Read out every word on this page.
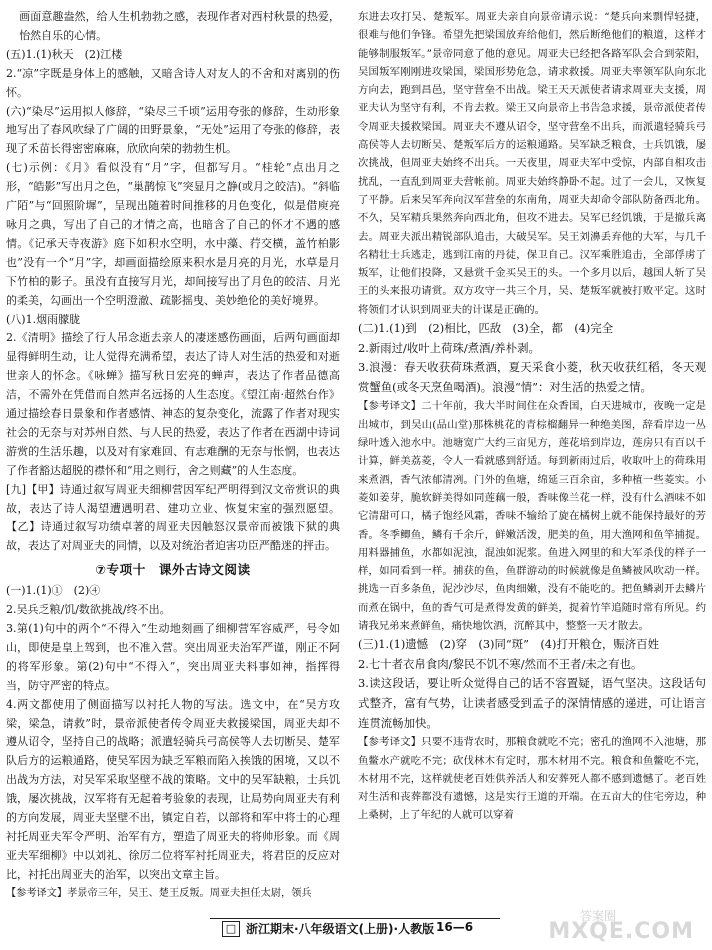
画面意趣盎然，给人生机勃勃之感，表现作者对西村秋景的热爱，怡然自乐的心情。

(五)1.(1)秋天　(2)江楼

2.“凉”字既是身体上的感触，又暗含诗人对友人的不舍和对离别的伤怀。

(六)“染尽”运用拟人修辞，“染尽三千顷”运用夸张的修辞，生动形象地写出了春风吹绿了广阔的田野景象，“无处”运用了夸张的修辞，表现了禾苗长得密密麻麻，欣欣向荣的勃勃生机。

(七)示例：《月》看似没有“月”字，但都写月。“桂轮”点出月之形，“皓影”写出月之色，“巢鹊惊飞”突显月之静(或月之皎洁)。“斜临广陌”与“回照阶墀”，呈现出随着时间推移的月色变化，似是借庾亮咏月之典，写出了自己的才情之高，也暗含了自己的怀才不遇的感情。《记承天寺夜游》庭下如积水空明，水中藻、荇交横，盖竹柏影也”没有一个“月”字，却画面描绘原来积水是月亮的月光，水草是月下竹柏的影子。虽没有直接写月光，却间接写出了月色的皎洁、月光的柔美，勾画出一个空明澄澈、疏影摇曳、美妙绝伦的美好境界。

(八)1.烟雨朦胧

2.《清明》描绘了行人吊念逝去亲人的凄迷感伤画面，后两句画面却显得鲜明生动，让人觉得充满希望，表达了诗人对生活的热爱和对逝世亲人的怀念。《咏蝉》描写秋日宏亮的蝉声，表达了作者品德高洁，不需外在凭借而自然声名远扬的人生态度。《望江南·超然台作》通过描绘春日景象和作者感情、神态的复杂变化，流露了作者对现实社会的无奈与对苏州自然、与人民的热爱，表达了作者在西湖中诗词游赏的生活乐趣，以及对有家难回、有志难酬的无奈与怅惘，也表达了作者豁达超脱的襟怀和“用之则行，舍之则藏”的人生态度。

[九]【甲】诗通过叙写周亚夫细柳营因军纪严明得到汉文帝赏识的典故，表达了诗人渴望遭遇明君、建功立业、恢复宋室的强烈愿望。【乙】诗通过叙写功绩卓著的周亚夫因触怒汉景帝而被饿下狱的典故，表达了对周亚夫的同情，以及对统治者迫害功臣严酷迷的抨击。

⑦专项十　课外古诗文阅读

(一)1.(1)①　(2)④

2.吴兵乏粮/饥/数欲挑战/终不出。

3.第(1)句中的两个“不得入”生动地刻画了细柳营军容威严，号令如山，即使是皇上驾到，也不准入营。突出周亚夫治军严谨，刚正不阿的将军形象。第(2)句中“不得入”，突出周亚夫料事如神，指挥得当，防守严密的特点。

4.两文都使用了侧面描写以衬托人物的写法。选文中，在“吴方攻梁，梁急，请救”时，景帝派使者传令周亚夫救援梁国，周亚夫却不遵从诏令，坚持自己的战略；派遣轻骑兵弓高侯等人去切断吴、楚军队后方的运粮通路，使吴军因为缺乏军粮而陷入挨饿的困境，又以不出战为方法，对吴军采取坚壁不战的策略。文中的吴军缺粮，士兵饥饿，屡次挑战，汉军将有无起着考验象的表现，让局势向周亚夫有利的方向发展，周亚夫坚壁不出，镇定自若，以部将和军中将士的心理衬托周亚夫军令严明、治军有方，塑造了周亚夫的将帅形象。而《周亚夫军细柳》中以刘礼、徐厉二位将军衬托周亚夫，将君臣的反应对比，衬托出周亚夫的治军，以突出文章主旨。

【参考译文】孝景帝三年，吴王、楚王反叛。周亚夫担任太尉，领兵

东进去攻打吴、楚叛军。周亚夫亲自向景帝请示说：“楚兵向来剽悍轻捷，很难与他们争锋。希望先把梁国放弃给他们，然后断绝他们的粮道，这样才能够制服叛军。”景帝同意了他的意见。周亚夫已经把各路军队会合到荥阳，吴国叛军刚刚进攻梁国，梁国形势危急，请求救援。周亚夫率领军队向东北方向去，跑到昌邑，坚守营垒不出战。梁王天天派使者请求周亚夫支援，周亚夫认为坚守有利，不肯去救。梁王又向景帝上书告急求援，景帝派使者传令周亚夫援救梁国。周亚夫不遵从诏令，坚守营垒不出兵，而派遣轻骑兵弓高侯等人去切断吴、楚叛军后方的运粮通路。吴军缺乏粮食，士兵饥饿，屡次挑战，但周亚夫始终不出兵。一天夜里，周亚夫军中受惊，内部自相攻击扰乱，一直乱到周亚夫营帐前。周亚夫始终静卧不起。过了一会儿，又恢复了平静。后来吴军奔向汉军营垒的东南角，周亚夫却命令部队防备西北角。不久，吴军精兵果然奔向西北角，但攻不进去。吴军已经饥饿，于是撤兵离去。周亚夫派出精锐部队追击，大破吴军。吴王刘濞丢弃他的大军，与几千名精壮士兵逃走，逃到江南的丹徒，保卫自己。汉军乘胜追击，全部俘虏了叛军，让他们投降，又悬赏千金买吴王的头。一个多月以后，越国人斩了吴王的头来报功请赏。双方攻守一共三个月，吴、楚叛军就被打败平定。这时将领们才认识到周亚夫的计谋是正确的。

(二)1.(1)到　(2)相比，匹敌　(3)全，都　(4)完全

2.新雨过/收叶上荷珠/煮酒/养朴剥。

3.浪漫：春天收获荷珠煮酒，夏天采食小菱，秋天收获红稻，冬天观赏蟹鱼(或冬天烹鱼喝酒)。浪漫“情”：对生活的热爱之情。

【参考译文】二十年前，我大半时间住在众香国，白天进城市，夜晚一定是出城市，到吴山(品山堂)那株桃花的青棕榴翻异一种绝美图，辞看岸边一丛绿叶透入池水中。池塘宽广大约三亩见方，莲花培到岸边，莲房只有百以千计算，鲜美荔菱，令人一看就感到舒适。每到新雨过后，收取叶上的荷珠用来煮酒，香气浓郁清冽。门外的鱼塘，绵延三百余亩，多种植一些菱实。小菱如姜芽，脆软鲜美得如同莲藕一般，香味像兰花一样，没有什么酒味不如它清甜可口，橘子饱经风霜，香味不输给了旋在橘树上就不能保持最好的芳香。冬季鲫鱼，鳞有千余斤，鲜嫩活泼，肥美的鱼，用大渔网和鱼竿捕捉。用料器捕鱼，水都如泥浊，混浊如泥浆。鱼进入网里的和大军杀伐的样子一样，如同看到一样。捕获的鱼，鱼群游动的时候就像是鱼鳞被风吹动一样。挑选一百多条鱼，泥沙沙尽，鱼肉细嫩，没有不能吃的。把鱼鳞剥开去鳞片而煮在锅中，鱼的香气可是煮得发黄的鲜美，捉着竹竿追随时常有所见。约请我兄弟来煮鲜鱼，痛快地饮酒，沉醉其中，整整一天才散去。

(三)1.(1)遗憾　(2)穿　(3)同“斑”　(4)打开粮仓，赈济百姓

2.七十者衣帛食肉/黎民不饥不寒/然而不王者/未之有也。

3.读这段话，要让听众觉得自己的话不容置疑，语气坚决。这段话句式整齐，富有气势，让读者感受到孟子的深情情感的递进，可让语言连贯流畅加快。

【参考译文】只要不违背农时，那粮食就吃不完；密孔的渔网不入池塘，那鱼鳖水产就吃不完；砍伐林木有定时，那木材用不完。粮食和鱼鳖吃不完，木材用不完，这样就使老百姓供养活人和安葬死人都不感到遗憾了。老百姓对生活和丧葬都没有遗憾，这是实行王道的开端。在五亩大的住宅旁边，种上桑树，上了年纪的人就可以穿着

□ 浙江期末·八年级语文(上册)·人教版 16—6
答案圈
MXQE.COM
